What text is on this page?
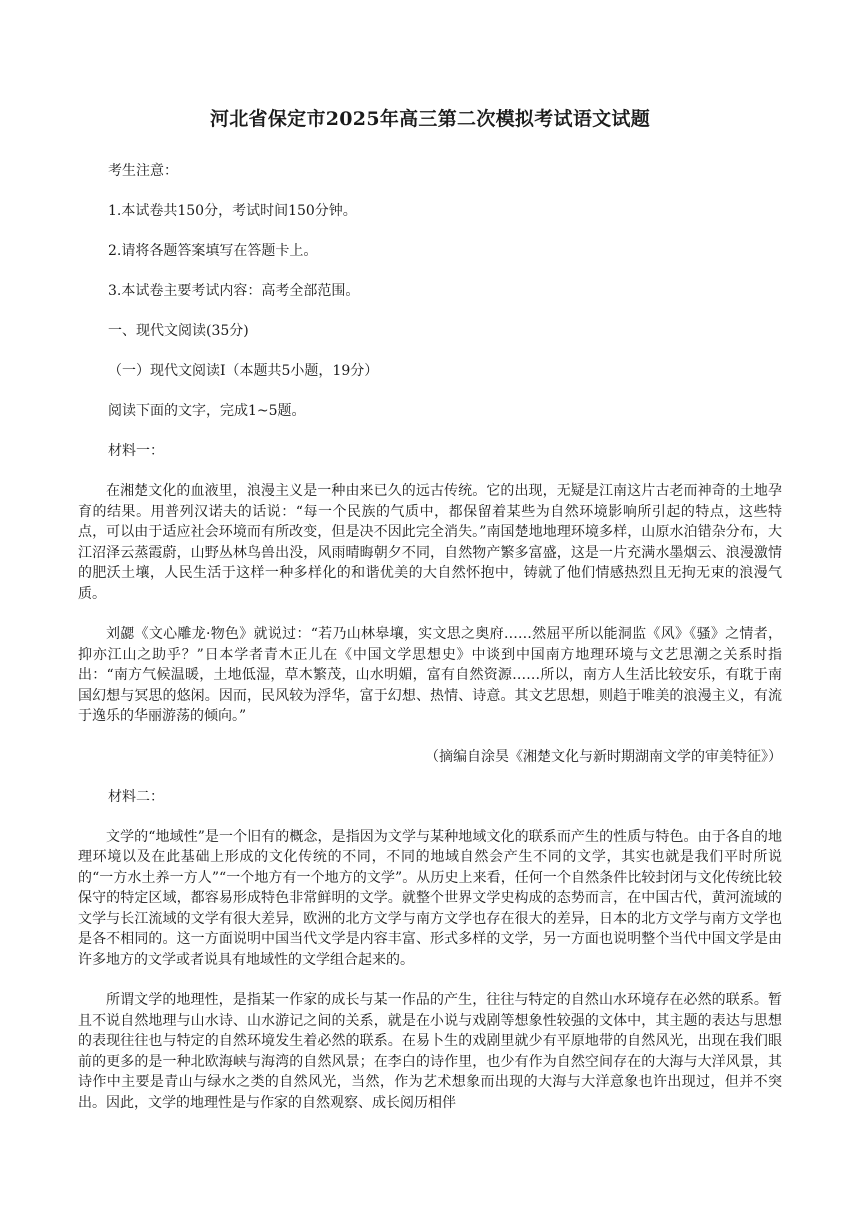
河北省保定市2025年高三第二次模拟考试语文试题

考生注意：

1.本试卷共150分，考试时间150分钟。

2.请将各题答案填写在答题卡上。

3.本试卷主要考试内容：高考全部范围。

一、现代文阅读(35分)

（一）现代文阅读Ⅰ（本题共5小题，19分）

阅读下面的文字，完成1~5题。

材料一：

在湘楚文化的血液里，浪漫主义是一种由来已久的远古传统。它的出现，无疑是江南这片古老而神奇的土地孕育的结果。用普列汉诺夫的话说：“每一个民族的气质中，都保留着某些为自然环境影响所引起的特点，这些特点，可以由于适应社会环境而有所改变，但是决不因此完全消失。”南国楚地地理环境多样，山原水泊错杂分布，大江沼泽云蒸霞蔚，山野丛林鸟兽出没，风雨晴晦朝夕不同，自然物产繁多富盛，这是一片充满水墨烟云、浪漫激情的肥沃土壤，人民生活于这样一种多样化的和谐优美的大自然怀抱中，铸就了他们情感热烈且无拘无束的浪漫气质。

刘勰《文心雕龙·物色》就说过：“若乃山林皋壤，实文思之奥府……然屈平所以能洞监《风》《骚》之情者，抑亦江山之助乎？”日本学者青木正儿在《中国文学思想史》中谈到中国南方地理环境与文艺思潮之关系时指出：“南方气候温暖，土地低湿，草木繁茂，山水明媚，富有自然资源……所以，南方人生活比较安乐，有耽于南国幻想与冥思的悠闲。因而，民风较为浮华，富于幻想、热情、诗意。其文艺思想，则趋于唯美的浪漫主义，有流于逸乐的华丽游荡的倾向。”

（摘编自涂昊《湘楚文化与新时期湖南文学的审美特征》）

材料二：

文学的“地域性”是一个旧有的概念，是指因为文学与某种地域文化的联系而产生的性质与特色。由于各自的地理环境以及在此基础上形成的文化传统的不同，不同的地域自然会产生不同的文学，其实也就是我们平时所说的“一方水土养一方人”“一个地方有一个地方的文学”。从历史上来看，任何一个自然条件比较封闭与文化传统比较保守的特定区域，都容易形成特色非常鲜明的文学。就整个世界文学史构成的态势而言，在中国古代，黄河流域的文学与长江流域的文学有很大差异，欧洲的北方文学与南方文学也存在很大的差异，日本的北方文学与南方文学也是各不相同的。这一方面说明中国当代文学是内容丰富、形式多样的文学，另一方面也说明整个当代中国文学是由许多地方的文学或者说具有地域性的文学组合起来的。

所谓文学的地理性，是指某一作家的成长与某一作品的产生，往往与特定的自然山水环境存在必然的联系。暂且不说自然地理与山水诗、山水游记之间的关系，就是在小说与戏剧等想象性较强的文体中，其主题的表达与思想的表现往往也与特定的自然环境发生着必然的联系。在易卜生的戏剧里就少有平原地带的自然风光，出现在我们眼前的更多的是一种北欧海峡与海湾的自然风景；在李白的诗作里，也少有作为自然空间存在的大海与大洋风景，其诗作中主要是青山与绿水之类的自然风光，当然，作为艺术想象而出现的大海与大洋意象也许出现过，但并不突出。因此，文学的地理性是与作家的自然观察、成长阅历相伴
